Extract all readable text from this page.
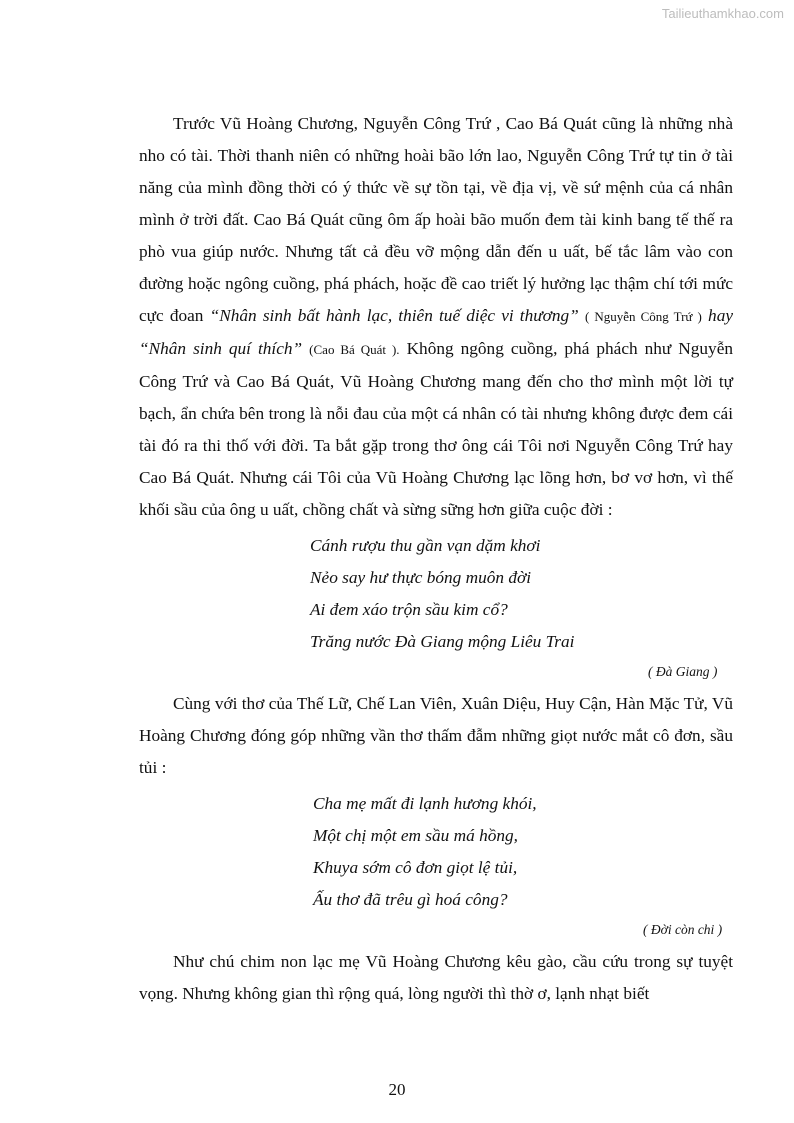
Tailieuthamkhao.com

Trước Vũ Hoàng Chương, Nguyễn Công Trứ , Cao Bá Quát cũng là những nhà nho có tài. Thời thanh niên có những hoài bão lớn lao, Nguyễn Công Trứ tự tin ở tài năng của mình đồng thời có ý thức về sự tồn tại, về địa vị, về sứ mệnh của cá nhân mình ở trời đất. Cao Bá Quát cũng ôm ấp hoài bão muốn đem tài kinh bang tế thế ra phò vua giúp nước. Nhưng tất cả đều vỡ mộng dẫn đến u uất, bế tắc lâm vào con đường hoặc ngông cuồng, phá phách, hoặc đề cao triết lý hưởng lạc thậm chí tới mức cực đoan “Nhân sinh bất hành lạc, thiên tuế diệc vi thương” ( Nguyễn Công Trứ ) hay “Nhân sinh quí thích” (Cao Bá Quát ). Không ngông cuồng, phá phách như Nguyễn Công Trứ và Cao Bá Quát, Vũ Hoàng Chương mang đến cho thơ mình một lời tự bạch, ẩn chứa bên trong là nỗi đau của một cá nhân có tài nhưng không được đem cái tài đó ra thi thố với đời. Ta bắt gặp trong thơ ông cái Tôi nơi Nguyễn Công Trứ hay Cao Bá Quát. Nhưng cái Tôi của Vũ Hoàng Chương lạc lõng hơn, bơ vơ hơn, vì thế khối sầu của ông u uất, chồng chất và sừng sững hơn giữa cuộc đời :

Cánh rượu thu gần vạn dặm khơi
Nẻo say hư thực bóng muôn đời
Ai đem xáo trộn sầu kim cổ?
Trăng nước Đà Giang mộng Liêu Trai
( Đà Giang )

Cùng với thơ của Thế Lữ, Chế Lan Viên, Xuân Diệu, Huy Cận, Hàn Mặc Tử, Vũ Hoàng Chương đóng góp những vần thơ thấm đẫm những giọt nước mắt cô đơn, sầu tủi :

Cha mẹ mất đi lạnh hương khói,
Một chị một em sầu má hồng,
Khuya sớm cô đơn giọt lệ tủi,
Ấu thơ đã trêu gì hoá công?
( Đời còn chi )

Như chú chim non lạc mẹ Vũ Hoàng Chương kêu gào, cầu cứu trong sự tuyệt vọng. Nhưng không gian thì rộng quá, lòng người thì thờ ơ, lạnh nhạt biết

20
